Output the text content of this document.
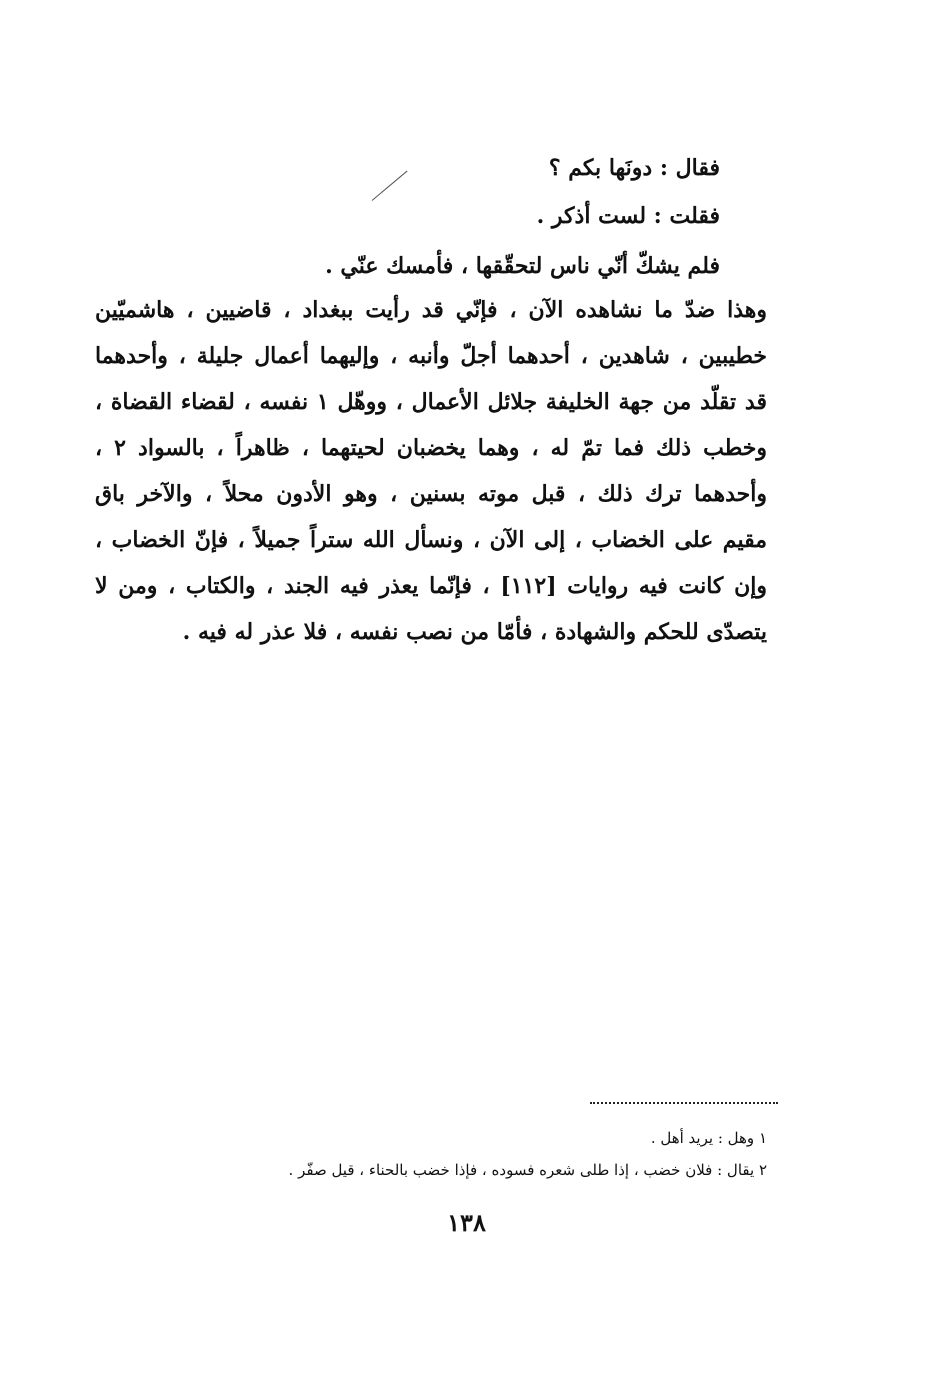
فقال : دونَها بكم ؟
فقلت : لست أذكر .
فلم يشكّ أنّي ناس لتحقّقها ، فأمسك عنّي .
وهذا ضدّ ما نشاهده الآن ، فإنّي قد رأيت ببغداد ، قاضيين ، هاشميّين
خطيبين ، شاهدين ، أحدهما أجلّ وأنبه ، وإليهما أعمال جليلة ، وأحدهما
قد تقلّد من جهة الخليفة جلائل الأعمال ، ووهّل ١ نفسه ، لقضاء القضاة ،
وخطب ذلك فما تمّ له ، وهما يخضبان لحيتهما ، ظاهراً ، بالسواد ٢ ،
وأحدهما ترك ذلك ، قبل موته بسنين ، وهو الأدون محلاً ، والآخر باق
مقيم على الخضاب ، إلى الآن ، ونسأل الله ستراً جميلاً ، فإنّ الخضاب ،
وإن كانت فيه روايات [١١٢] ، فإنّما يعذر فيه الجند ، والكتاب ، ومن لا
يتصدّى للحكم والشهادة ، فأمّا من نصب نفسه ، فلا عذر له فيه .
١ وهل : يريد أهل .
٢ يقال : فلان خضب ، إذا طلى شعره فسوده ، فإذا خضب بالحناء ، قيل صفّر .
١٣٨
